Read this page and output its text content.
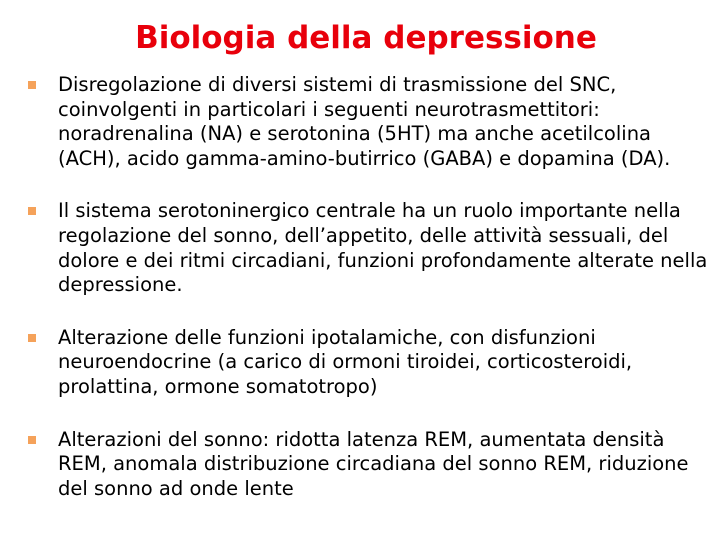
Biologia della depressione
Disregolazione di diversi sistemi di trasmissione del SNC, coinvolgenti in particolari i seguenti neurotrasmettitori: noradrenalina (NA) e serotonina (5HT) ma anche acetilcolina (ACH), acido gamma-amino-butirrico (GABA) e dopamina (DA).
Il sistema serotoninergico centrale ha un ruolo importante nella regolazione del sonno, dell’appetito, delle attività sessuali, del dolore e dei ritmi circadiani, funzioni profondamente alterate nella depressione.
Alterazione delle funzioni ipotalamiche, con disfunzioni neuroendocrine (a carico di ormoni tiroidei, corticosteroidi, prolattina, ormone somatotropo)
Alterazioni del sonno: ridotta latenza REM, aumentata densità REM, anomala distribuzione circadiana del sonno REM, riduzione del sonno ad onde lente
